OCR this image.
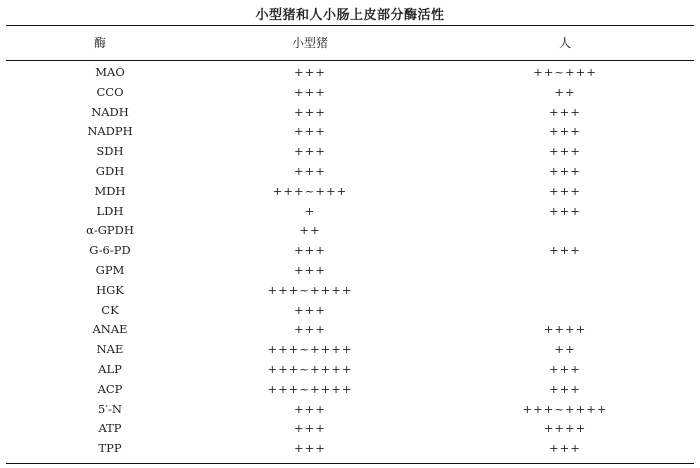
小型猪和人小肠上皮部分酶活性
酶	小型猪	人
MAO	+++	++~+++
CCO	+++	++
NADH	+++	+++
NADPH	+++	+++
SDH	+++	+++
GDH	+++	+++
MDH	+++~+++	+++
LDH	+	+++
α-GPDH	++
G-6-PD	+++	+++
GPM	+++
HGK	+++~++++
CK	+++
ANAE	+++	++++
NAE	+++~++++	++
ALP	+++~++++	+++
ACP	+++~++++	+++
5′-N	+++	+++~++++
ATP	+++	++++
TPP	+++	+++
